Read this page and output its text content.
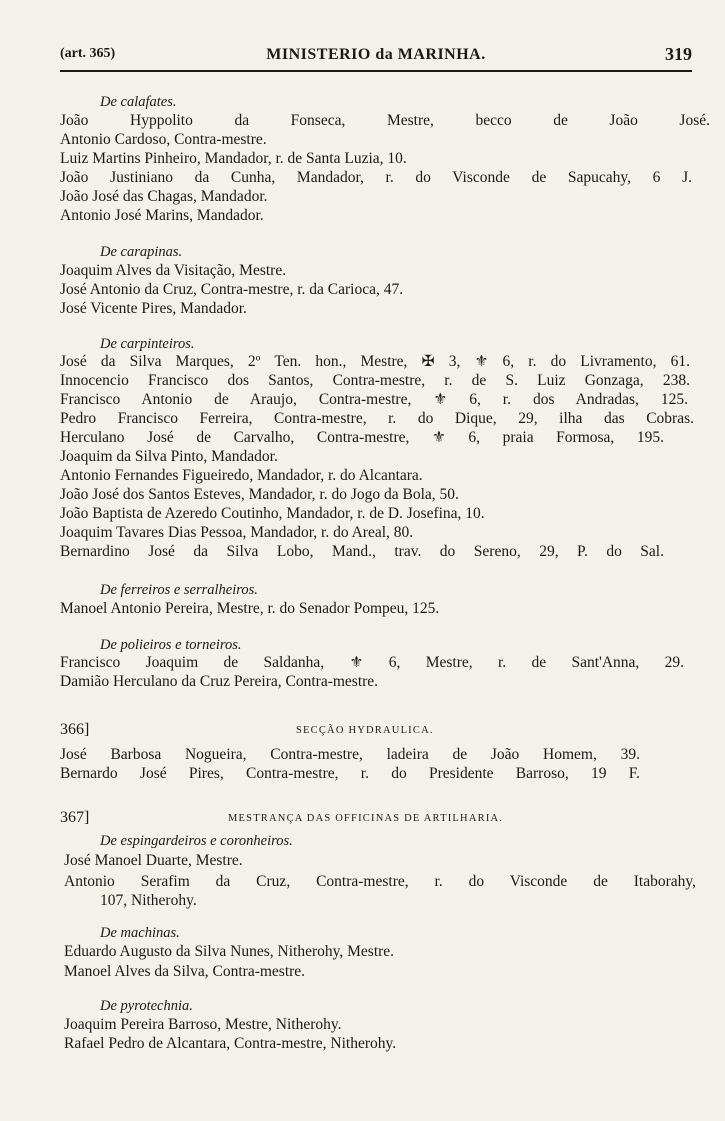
(art. 365)	MINISTERIO da MARINHA.	319
De calafates.
João Hyppolito da Fonseca, Mestre, becco de João José.
Antonio Cardoso, Contra-mestre.
Luiz Martins Pinheiro, Mandador, r. de Santa Luzia, 10.
João Justiniano da Cunha, Mandador, r. do Visconde de Sapucahy, 6 J.
João José das Chagas, Mandador.
Antonio José Marins, Mandador.
De carapinas.
Joaquim Alves da Visitação, Mestre.
José Antonio da Cruz, Contra-mestre, r. da Carioca, 47.
José Vicente Pires, Mandador.
De carpinteiros.
José da Silva Marques, 2º Ten. hon., Mestre, ✠ 3, ⚜ 6, r. do Livramento, 61.
Innocencio Francisco dos Santos, Contra-mestre, r. de S. Luiz Gonzaga, 238.
Francisco Antonio de Araujo, Contra-mestre, ⚜ 6, r. dos Andradas, 125.
Pedro Francisco Ferreira, Contra-mestre, r. do Dique, 29, ilha das Cobras.
Herculano José de Carvalho, Contra-mestre, ⚜ 6, praia Formosa, 195.
Joaquim da Silva Pinto, Mandador.
Antonio Fernandes Figueiredo, Mandador, r. do Alcantara.
João José dos Santos Esteves, Mandador, r. do Jogo da Bola, 50.
João Baptista de Azeredo Coutinho, Mandador, r. de D. Josefina, 10.
Joaquim Tavares Dias Pessoa, Mandador, r. do Areal, 80.
Bernardino José da Silva Lobo, Mand., trav. do Sereno, 29, P. do Sal.
De ferreiros e serralheiros.
Manoel Antonio Pereira, Mestre, r. do Senador Pompeu, 125.
De polieiros e torneiros.
Francisco Joaquim de Saldanha, ⚜ 6, Mestre, r. de Sant'Anna, 29.
Damião Herculano da Cruz Pereira, Contra-mestre.
366]	SECÇÃO HYDRAULICA.
José Barbosa Nogueira, Contra-mestre, ladeira de João Homem, 39.
Bernardo José Pires, Contra-mestre, r. do Presidente Barroso, 19 F.
367]	MESTRANÇA DAS OFFICINAS DE ARTILHARIA.
De espingardeiros e coronheiros.
José Manoel Duarte, Mestre.
Antonio Serafim da Cruz, Contra-mestre, r. do Visconde de Itaborahy,
107, Nitherohy.
De machinas.
Eduardo Augusto da Silva Nunes, Nitherohy, Mestre.
Manoel Alves da Silva, Contra-mestre.
De pyrotechnia.
Joaquim Pereira Barroso, Mestre, Nitherohy.
Rafael Pedro de Alcantara, Contra-mestre, Nitherohy.
